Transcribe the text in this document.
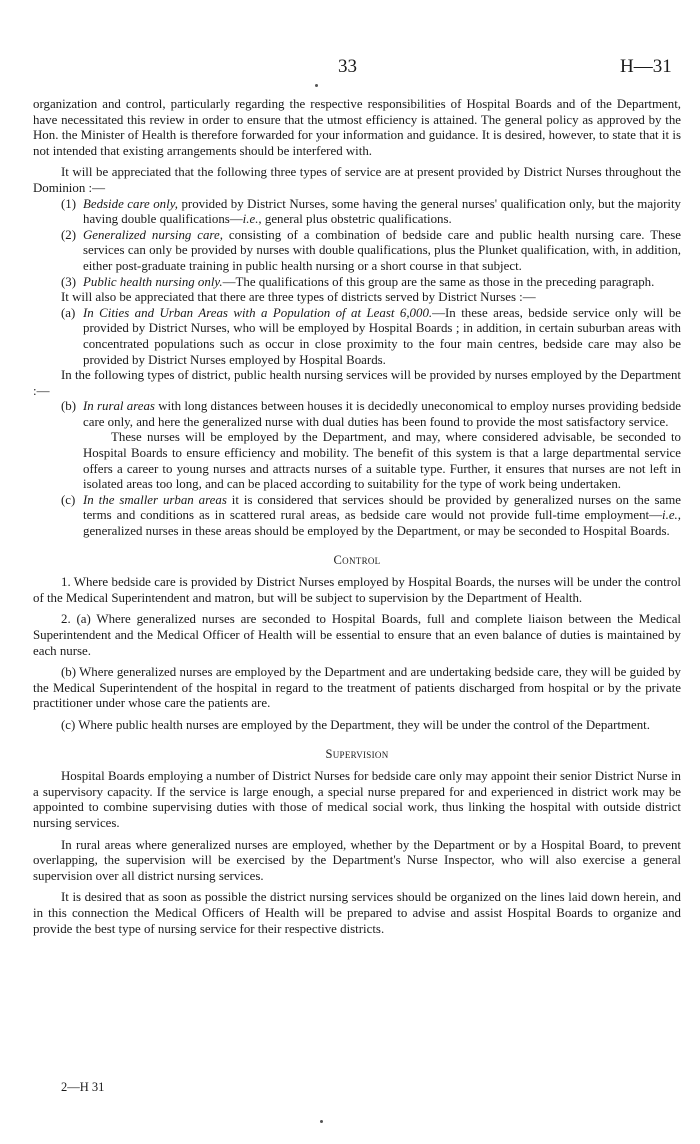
33	H—31

organization and control, particularly regarding the respective responsibilities of Hospital Boards and of the Department, have necessitated this review in order to ensure that the utmost efficiency is attained. The general policy as approved by the Hon. the Minister of Health is therefore forwarded for your information and guidance. It is desired, however, to state that it is not intended that existing arrangements should be interfered with.

It will be appreciated that the following three types of service are at present provided by District Nurses throughout the Dominion :—

(1) Bedside care only, provided by District Nurses, some having the general nurses' qualification only, but the majority having double qualifications—i.e., general plus obstetric qualifications.

(2) Generalized nursing care, consisting of a combination of bedside care and public health nursing care. These services can only be provided by nurses with double qualifications, plus the Plunket qualification, with, in addition, either post-graduate training in public health nursing or a short course in that subject.

(3) Public health nursing only.—The qualifications of this group are the same as those in the preceding paragraph.

It will also be appreciated that there are three types of districts served by District Nurses :—

(a) In Cities and Urban Areas with a Population of at Least 6,000.—In these areas, bedside service only will be provided by District Nurses, who will be employed by Hospital Boards ; in addition, in certain suburban areas with concentrated populations such as occur in close proximity to the four main centres, bedside care may also be provided by District Nurses employed by Hospital Boards.

In the following types of district, public health nursing services will be provided by nurses employed by the Department :—

(b) In rural areas with long distances between houses it is decidedly uneconomical to employ nurses providing bedside care only, and here the generalized nurse with dual duties has been found to provide the most satisfactory service.

These nurses will be employed by the Department, and may, where considered advisable, be seconded to Hospital Boards to ensure efficiency and mobility. The benefit of this system is that a large departmental service offers a career to young nurses and attracts nurses of a suitable type. Further, it ensures that nurses are not left in isolated areas too long, and can be placed according to suitability for the type of work being undertaken.

(c) In the smaller urban areas it is considered that services should be provided by generalized nurses on the same terms and conditions as in scattered rural areas, as bedside care would not provide full-time employment—i.e., generalized nurses in these areas should be employed by the Department, or may be seconded to Hospital Boards.

Control

1. Where bedside care is provided by District Nurses employed by Hospital Boards, the nurses will be under the control of the Medical Superintendent and matron, but will be subject to supervision by the Department of Health.

2. (a) Where generalized nurses are seconded to Hospital Boards, full and complete liaison between the Medical Superintendent and the Medical Officer of Health will be essential to ensure that an even balance of duties is maintained by each nurse.

(b) Where generalized nurses are employed by the Department and are undertaking bedside care, they will be guided by the Medical Superintendent of the hospital in regard to the treatment of patients discharged from hospital or by the private practitioner under whose care the patients are.

(c) Where public health nurses are employed by the Department, they will be under the control of the Department.

Supervision

Hospital Boards employing a number of District Nurses for bedside care only may appoint their senior District Nurse in a supervisory capacity. If the service is large enough, a special nurse prepared for and experienced in district work may be appointed to combine supervising duties with those of medical social work, thus linking the hospital with outside district nursing services.

In rural areas where generalized nurses are employed, whether by the Department or by a Hospital Board, to prevent overlapping, the supervision will be exercised by the Department's Nurse Inspector, who will also exercise a general supervision over all district nursing services.

It is desired that as soon as possible the district nursing services should be organized on the lines laid down herein, and in this connection the Medical Officers of Health will be prepared to advise and assist Hospital Boards to organize and provide the best type of nursing service for their respective districts.

2—H 31
